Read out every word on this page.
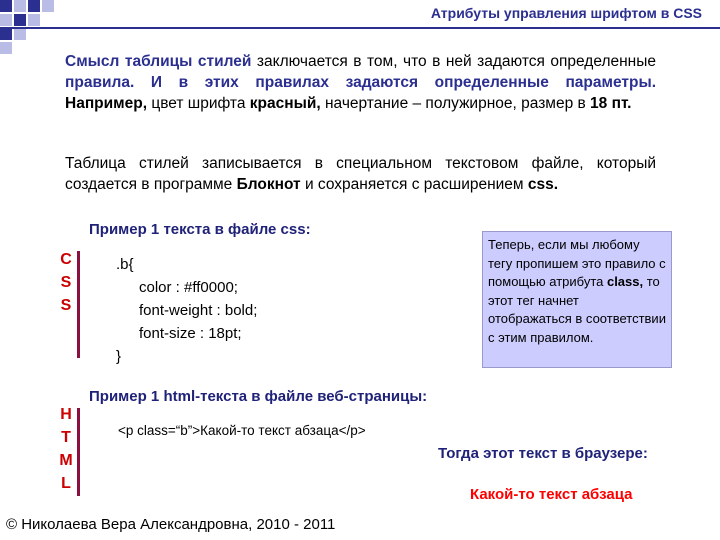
Атрибуты управления шрифтом в CSS
Смысл таблицы стилей заключается в том, что в ней задаются определенные правила. И в этих правилах задаются определенные параметры. Например, цвет шрифта красный, начертание – полужирное, размер в 18 пт.
Таблица стилей записывается в специальном текстовом файле, который создается в программе Блокнот и сохраняется с расширением css.
Пример 1 текста в файле css:
C
S
S
.b{
color : #ff0000;
font-weight : bold;
font-size : 18pt;
}
Теперь, если мы любому тегу пропишем это правило с помощью атрибута class, то этот тег начнет отображаться в соответствии с этим правилом.
Пример 1 html-текста в файле веб-страницы:
H
T
M
L
<p class=“b”>Какой-то текст абзаца</p>
Тогда этот текст в браузере:
Какой-то текст абзаца
© Николаева Вера Александровна, 2010 - 2011
